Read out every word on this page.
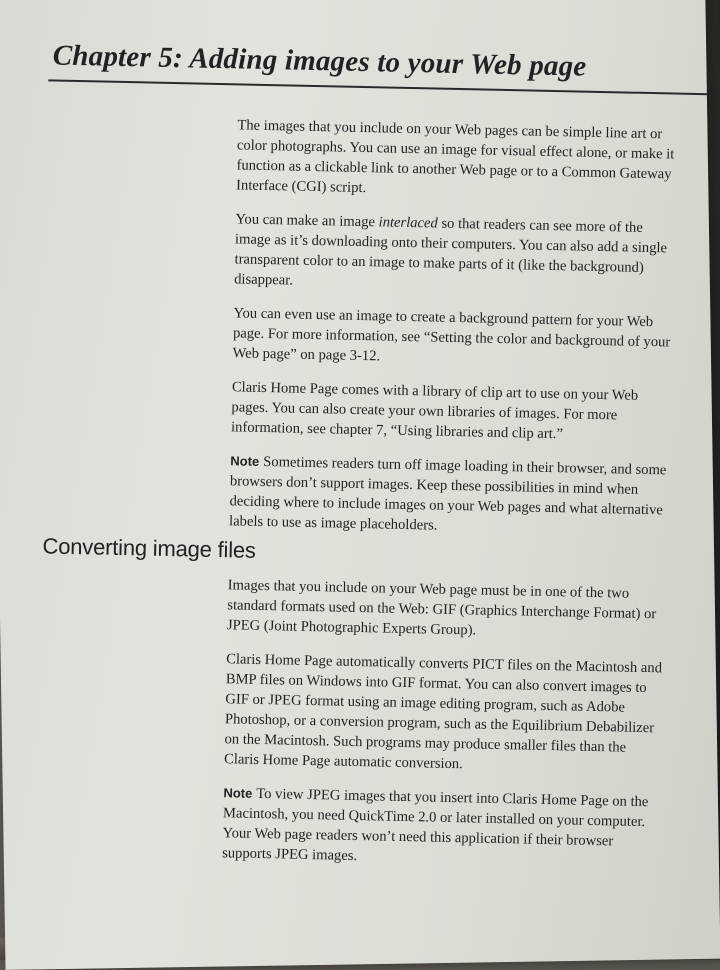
Chapter 5: Adding images to your Web page

The images that you include on your Web pages can be simple line art or color photographs. You can use an image for visual effect alone, or make it function as a clickable link to another Web page or to a Common Gateway Interface (CGI) script.

You can make an image interlaced so that readers can see more of the image as it’s downloading onto their computers. You can also add a single transparent color to an image to make parts of it (like the background) disappear.

You can even use an image to create a background pattern for your Web page. For more information, see “Setting the color and background of your Web page” on page 3-12.

Claris Home Page comes with a library of clip art to use on your Web pages. You can also create your own libraries of images. For more information, see chapter 7, “Using libraries and clip art.”

Note Sometimes readers turn off image loading in their browser, and some browsers don’t support images. Keep these possibilities in mind when deciding where to include images on your Web pages and what alternative labels to use as image placeholders.

Converting image files

Images that you include on your Web page must be in one of the two standard formats used on the Web: GIF (Graphics Interchange Format) or JPEG (Joint Photographic Experts Group).

Claris Home Page automatically converts PICT files on the Macintosh and BMP files on Windows into GIF format. You can also convert images to GIF or JPEG format using an image editing program, such as Adobe Photoshop, or a conversion program, such as the Equilibrium Debabilizer on the Macintosh. Such programs may produce smaller files than the Claris Home Page automatic conversion.

Note To view JPEG images that you insert into Claris Home Page on the Macintosh, you need QuickTime 2.0 or later installed on your computer. Your Web page readers won’t need this application if their browser supports JPEG images.
